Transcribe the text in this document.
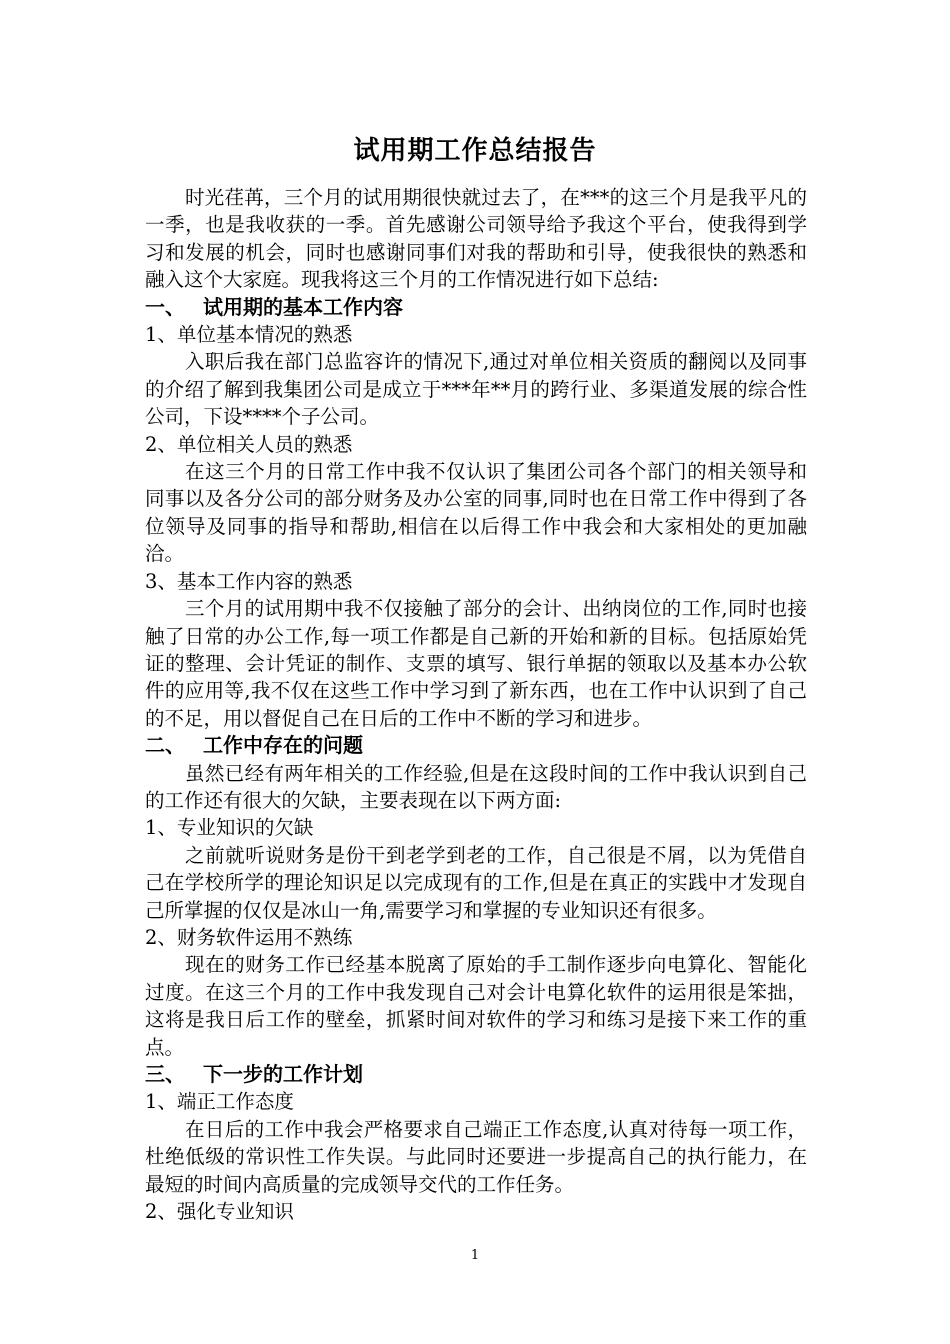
试用期工作总结报告

时光荏苒，三个月的试用期很快就过去了，在***的这三个月是我平凡的一季，也是我收获的一季。首先感谢公司领导给予我这个平台，使我得到学习和发展的机会，同时也感谢同事们对我的帮助和引导，使我很快的熟悉和融入这个大家庭。现我将这三个月的工作情况进行如下总结:

一、 试用期的基本工作内容

1、单位基本情况的熟悉

入职后我在部门总监容许的情况下,通过对单位相关资质的翻阅以及同事的介绍了解到我集团公司是成立于***年**月的跨行业、多渠道发展的综合性公司，下设****个子公司。

2、单位相关人员的熟悉

在这三个月的日常工作中我不仅认识了集团公司各个部门的相关领导和同事以及各分公司的部分财务及办公室的同事,同时也在日常工作中得到了各位领导及同事的指导和帮助,相信在以后得工作中我会和大家相处的更加融洽。

3、基本工作内容的熟悉

三个月的试用期中我不仅接触了部分的会计、出纳岗位的工作,同时也接触了日常的办公工作,每一项工作都是自己新的开始和新的目标。包括原始凭证的整理、会计凭证的制作、支票的填写、银行单据的领取以及基本办公软件的应用等,我不仅在这些工作中学习到了新东西，也在工作中认识到了自己的不足，用以督促自己在日后的工作中不断的学习和进步。

二、 工作中存在的问题

虽然已经有两年相关的工作经验,但是在这段时间的工作中我认识到自己的工作还有很大的欠缺，主要表现在以下两方面:

1、专业知识的欠缺

之前就听说财务是份干到老学到老的工作，自己很是不屑，以为凭借自己在学校所学的理论知识足以完成现有的工作,但是在真正的实践中才发现自己所掌握的仅仅是冰山一角,需要学习和掌握的专业知识还有很多。

2、财务软件运用不熟练

现在的财务工作已经基本脱离了原始的手工制作逐步向电算化、智能化过度。在这三个月的工作中我发现自己对会计电算化软件的运用很是笨拙，这将是我日后工作的壁垒，抓紧时间对软件的学习和练习是接下来工作的重点。

三、 下一步的工作计划

1、端正工作态度

在日后的工作中我会严格要求自己端正工作态度,认真对待每一项工作，杜绝低级的常识性工作失误。与此同时还要进一步提高自己的执行能力，在最短的时间内高质量的完成领导交代的工作任务。

2、强化专业知识

1
